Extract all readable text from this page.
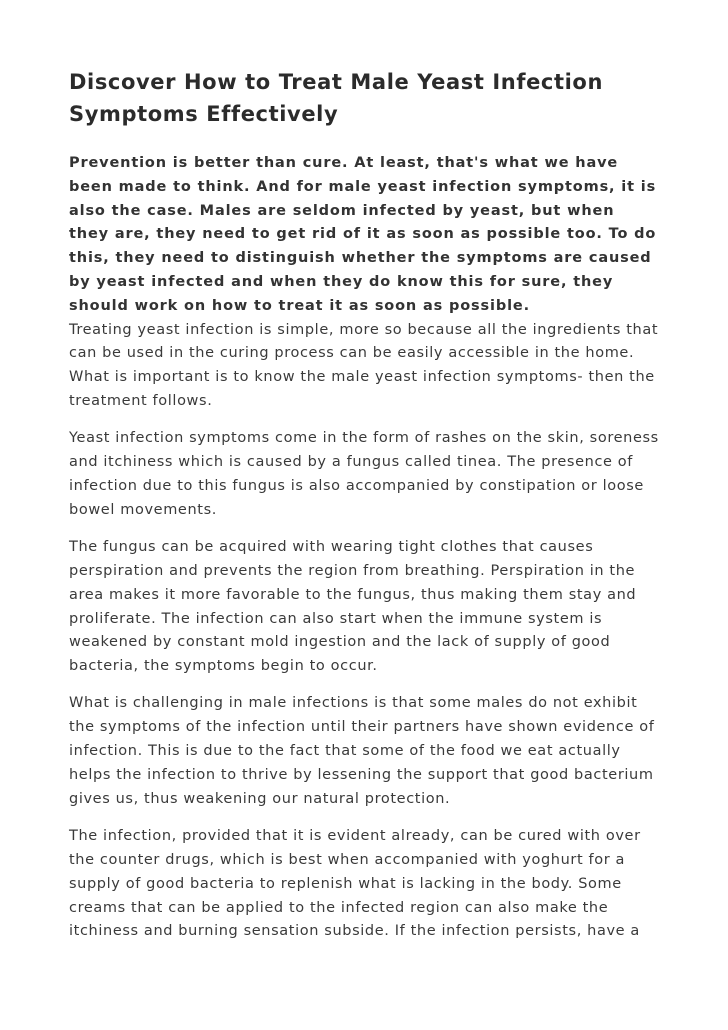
Discover How to Treat Male Yeast Infection Symptoms Effectively

Prevention is better than cure. At least, that's what we have been made to think. And for male yeast infection symptoms, it is also the case. Males are seldom infected by yeast, but when they are, they need to get rid of it as soon as possible too. To do this, they need to distinguish whether the symptoms are caused by yeast infected and when they do know this for sure, they should work on how to treat it as soon as possible.

Treating yeast infection is simple, more so because all the ingredients that can be used in the curing process can be easily accessible in the home. What is important is to know the male yeast infection symptoms- then the treatment follows.

Yeast infection symptoms come in the form of rashes on the skin, soreness and itchiness which is caused by a fungus called tinea. The presence of infection due to this fungus is also accompanied by constipation or loose bowel movements.

The fungus can be acquired with wearing tight clothes that causes perspiration and prevents the region from breathing. Perspiration in the area makes it more favorable to the fungus, thus making them stay and proliferate. The infection can also start when the immune system is weakened by constant mold ingestion and the lack of supply of good bacteria, the symptoms begin to occur.

What is challenging in male infections is that some males do not exhibit the symptoms of the infection until their partners have shown evidence of infection. This is due to the fact that some of the food we eat actually helps the infection to thrive by lessening the support that good bacterium gives us, thus weakening our natural protection.

The infection, provided that it is evident already, can be cured with over the counter drugs, which is best when accompanied with yoghurt for a supply of good bacteria to replenish what is lacking in the body. Some creams that can be applied to the infected region can also make the itchiness and burning sensation subside. If the infection persists, have a
